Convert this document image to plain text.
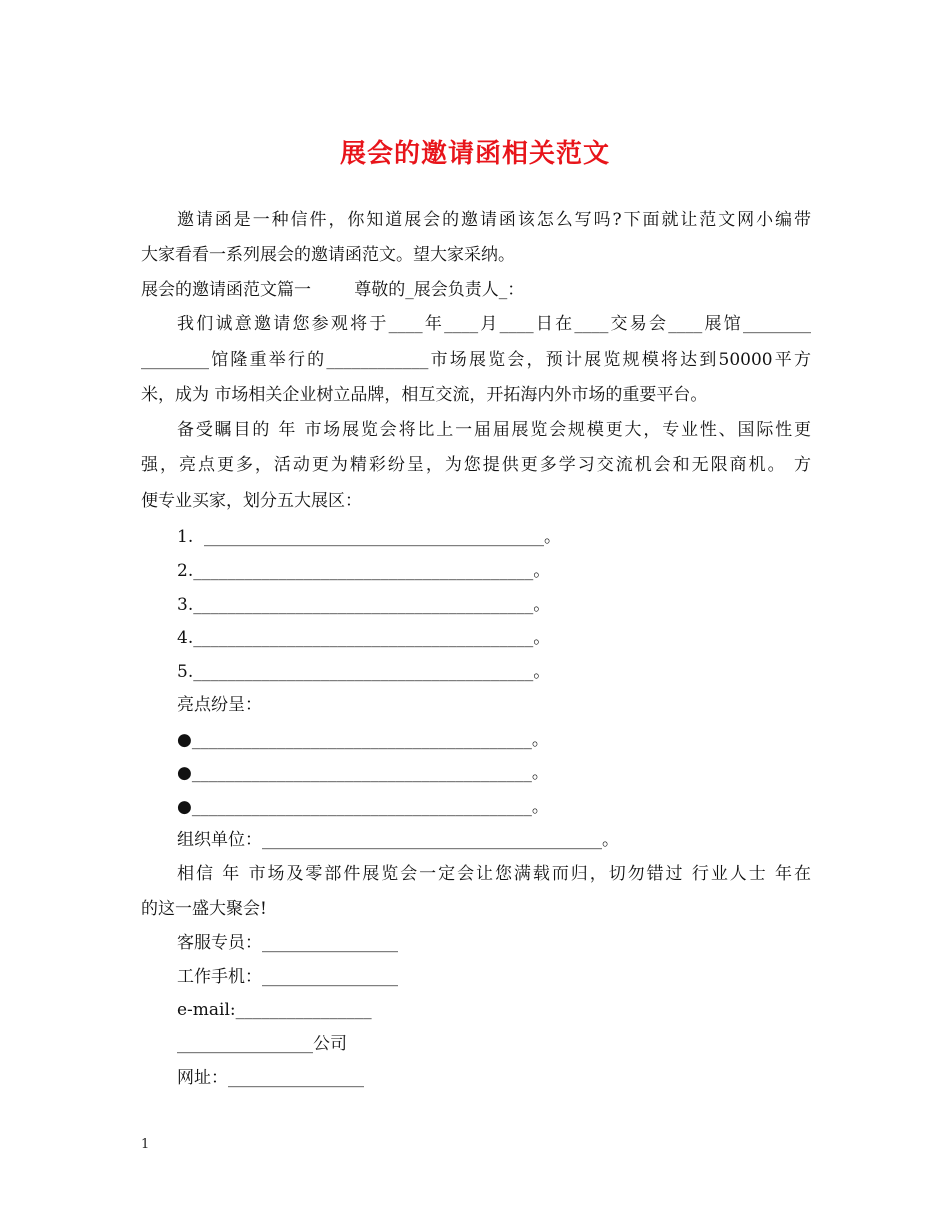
展会的邀请函相关范文
邀请函是一种信件，你知道展会的邀请函该怎么写吗?下面就让范文网小编带
大家看看一系列展会的邀请函范文。望大家采纳。
展会的邀请函范文篇一        尊敬的_展会负责人_：
我们诚意邀请您参观将于____年____月____日在____交易会____展馆________
________馆隆重举行的____________市场展览会，预计展览规模将达到50000平方
米，成为 市场相关企业树立品牌，相互交流，开拓海内外市场的重要平台。
备受瞩目的 年 市场展览会将比上一届届展览会规模更大，专业性、国际性更
强，亮点更多，活动更为精彩纷呈，为您提供更多学习交流机会和无限商机。 方
便专业买家，划分五大展区：
1.  ________________________________________。
2.________________________________________。
3.________________________________________。
4.________________________________________。
5.________________________________________。
亮点纷呈：
●________________________________________。
●________________________________________。
●________________________________________。
组织单位：________________________________________。
相信 年 市场及零部件展览会一定会让您满载而归，切勿错过 行业人士 年在
的这一盛大聚会!
客服专员：________________
工作手机：________________
e-mail:________________
________________公司
网址：________________
1
